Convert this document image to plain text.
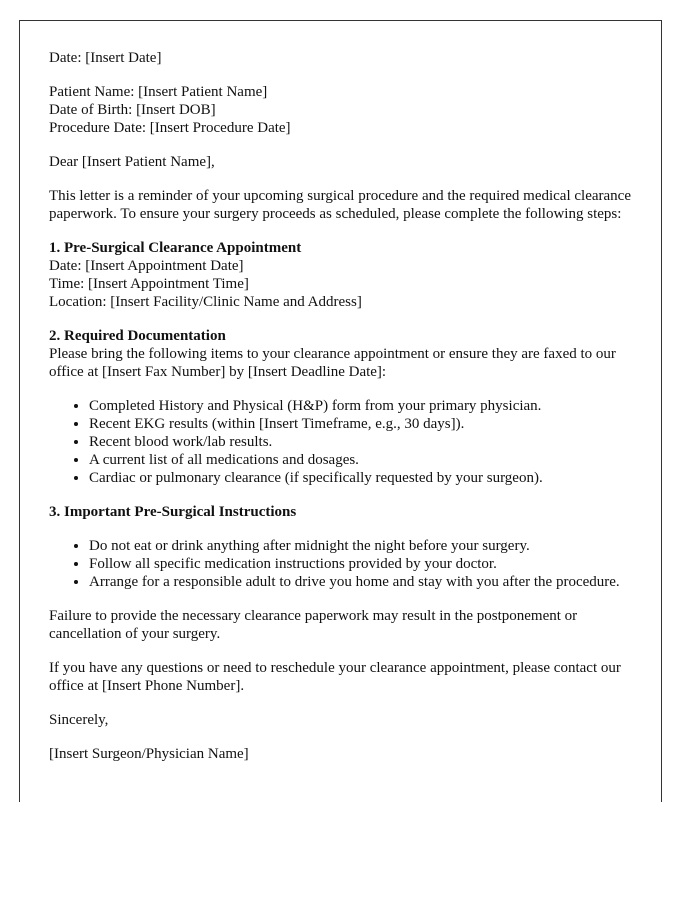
Date: [Insert Date]

Patient Name: [Insert Patient Name]
Date of Birth: [Insert DOB]
Procedure Date: [Insert Procedure Date]

Dear [Insert Patient Name],

This letter is a reminder of your upcoming surgical procedure and the required medical clearance paperwork. To ensure your surgery proceeds as scheduled, please complete the following steps:

1. Pre-Surgical Clearance Appointment
Date: [Insert Appointment Date]
Time: [Insert Appointment Time]
Location: [Insert Facility/Clinic Name and Address]

2. Required Documentation
Please bring the following items to your clearance appointment or ensure they are faxed to our office at [Insert Fax Number] by [Insert Deadline Date]:

• Completed History and Physical (H&P) form from your primary physician.
• Recent EKG results (within [Insert Timeframe, e.g., 30 days]).
• Recent blood work/lab results.
• A current list of all medications and dosages.
• Cardiac or pulmonary clearance (if specifically requested by your surgeon).

3. Important Pre-Surgical Instructions

• Do not eat or drink anything after midnight the night before your surgery.
• Follow all specific medication instructions provided by your doctor.
• Arrange for a responsible adult to drive you home and stay with you after the procedure.

Failure to provide the necessary clearance paperwork may result in the postponement or cancellation of your surgery.

If you have any questions or need to reschedule your clearance appointment, please contact our office at [Insert Phone Number].

Sincerely,

[Insert Surgeon/Physician Name]
